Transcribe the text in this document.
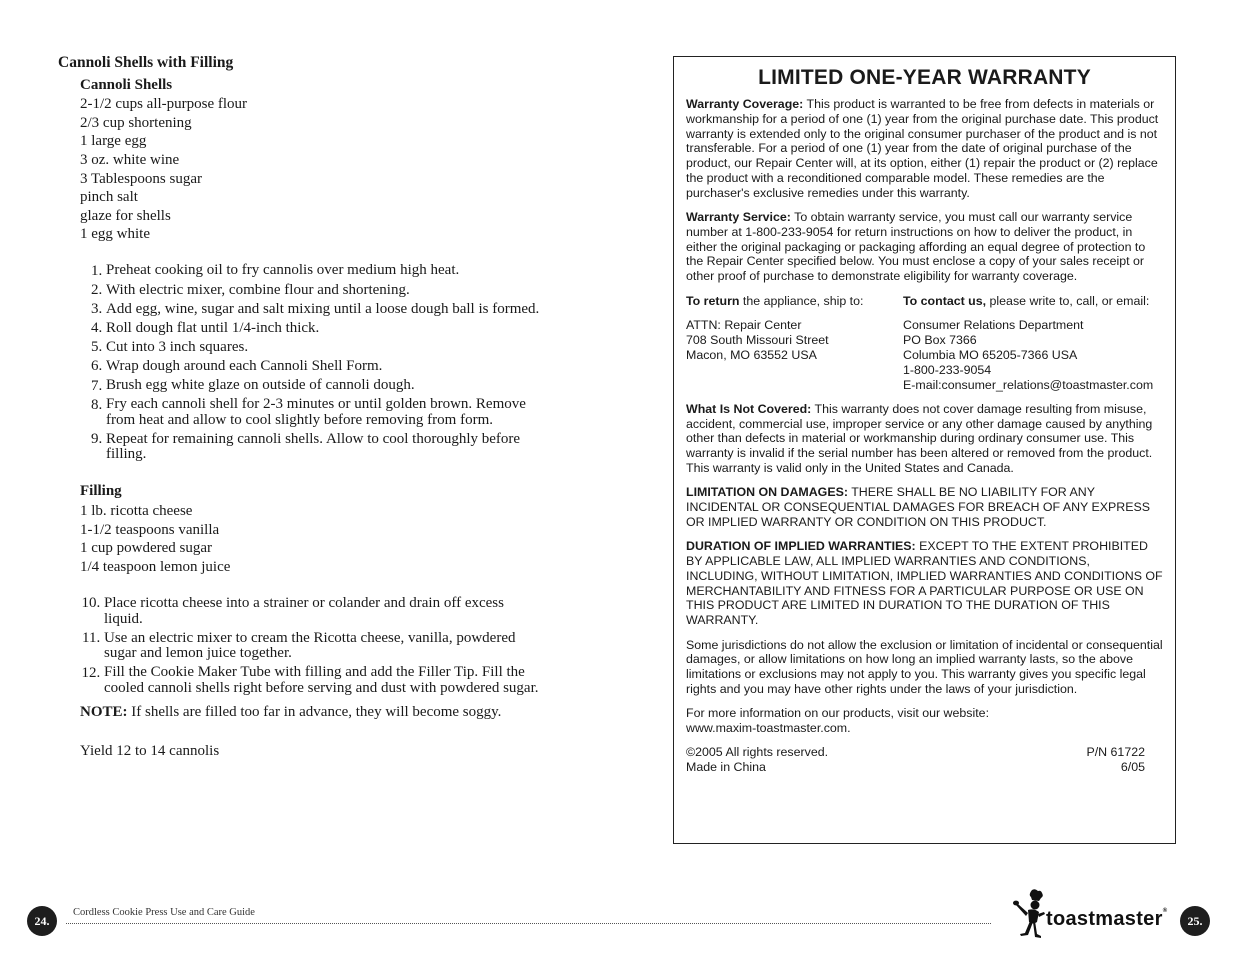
Cannoli Shells with Filling
Cannoli Shells
2-1/2 cups all-purpose flour
2/3 cup shortening
1 large egg
3 oz. white wine
3 Tablespoons sugar
pinch salt
glaze for shells
1 egg white
1. Preheat cooking oil to fry cannolis over medium high heat.
2. With electric mixer, combine flour and shortening.
3. Add egg, wine, sugar and salt mixing until a loose dough ball is formed.
4. Roll dough flat until 1/4-inch thick.
5. Cut into 3 inch squares.
6. Wrap dough around each Cannoli Shell Form.
7. Brush egg white glaze on outside of cannoli dough.
8. Fry each cannoli shell for 2-3 minutes or until golden brown. Remove from heat and allow to cool slightly before removing from form.
9. Repeat for remaining cannoli shells. Allow to cool thoroughly before filling.
Filling
1 lb. ricotta cheese
1-1/2 teaspoons vanilla
1 cup powdered sugar
1/4 teaspoon lemon juice
10. Place ricotta cheese into a strainer or colander and drain off excess liquid.
11. Use an electric mixer to cream the Ricotta cheese, vanilla, powdered sugar and lemon juice together.
12. Fill the Cookie Maker Tube with filling and add the Filler Tip. Fill the cooled cannoli shells right before serving and dust with powdered sugar.
NOTE: If shells are filled too far in advance, they will become soggy.
Yield 12 to 14 cannolis
LIMITED ONE-YEAR WARRANTY

Warranty Coverage: This product is warranted to be free from defects in materials or workmanship for a period of one (1) year from the original purchase date. This product warranty is extended only to the original consumer purchaser of the product and is not transferable. For a period of one (1) year from the date of original purchase of the product, our Repair Center will, at its option, either (1) repair the product or (2) replace the product with a reconditioned comparable model. These remedies are the purchaser's exclusive remedies under this warranty.

Warranty Service: To obtain warranty service, you must call our warranty service number at 1-800-233-9054 for return instructions on how to deliver the product, in either the original packaging or packaging affording an equal degree of protection to the Repair Center specified below. You must enclose a copy of your sales receipt or other proof of purchase to demonstrate eligibility for warranty coverage.

To return the appliance, ship to:
ATTN: Repair Center
708 South Missouri Street
Macon, MO 63552 USA
To contact us, please write to, call, or email:
Consumer Relations Department
PO Box 7366
Columbia MO 65205-7366 USA
1-800-233-9054
E-mail:consumer_relations@toastmaster.com

What Is Not Covered: This warranty does not cover damage resulting from misuse, accident, commercial use, improper service or any other damage caused by anything other than defects in material or workmanship during ordinary consumer use. This warranty is invalid if the serial number has been altered or removed from the product. This warranty is valid only in the United States and Canada.

LIMITATION ON DAMAGES: THERE SHALL BE NO LIABILITY FOR ANY INCIDENTAL OR CONSEQUENTIAL DAMAGES FOR BREACH OF ANY EXPRESS OR IMPLIED WARRANTY OR CONDITION ON THIS PRODUCT.

DURATION OF IMPLIED WARRANTIES: EXCEPT TO THE EXTENT PROHIBITED BY APPLICABLE LAW, ALL IMPLIED WARRANTIES AND CONDITIONS, INCLUDING, WITHOUT LIMITATION, IMPLIED WARRANTIES AND CONDITIONS OF MERCHANTABILITY AND FITNESS FOR A PARTICULAR PURPOSE OR USE ON THIS PRODUCT ARE LIMITED IN DURATION TO THE DURATION OF THIS WARRANTY.

Some jurisdictions do not allow the exclusion or limitation of incidental or consequential damages, or allow limitations on how long an implied warranty lasts, so the above limitations or exclusions may not apply to you. This warranty gives you specific legal rights and you may have other rights under the laws of your jurisdiction.

For more information on our products, visit our website:
www.maxim-toastmaster.com.

©2005 All rights reserved.
Made in China
P/N 61722
6/05
24.
Cordless Cookie Press Use and Care Guide	toastmaster®
25.
